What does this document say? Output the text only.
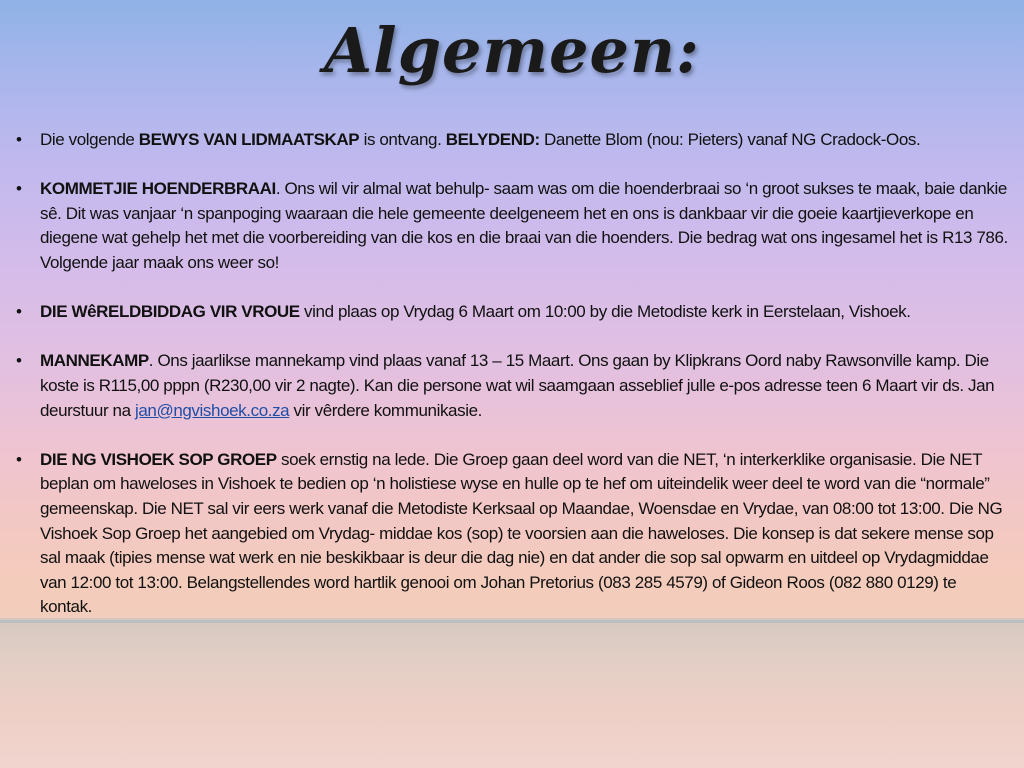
Algemeen:
• Die volgende BEWYS VAN LIDMAATSKAP is ontvang. BELYDEND: Danette Blom (nou: Pieters) vanaf NG Cradock-Oos.
• KOMMETJIE HOENDERBRAAI. Ons wil vir almal wat behulp- saam was om die hoenderbraai so ‘n groot sukses te maak, baie dankie sê. Dit was vanjaar ‘n spanpoging waaraan die hele gemeente deelgeneem het en ons is dankbaar vir die goeie kaartjieverkope en diegene wat gehelp het met die voorbereiding van die kos en die braai van die hoenders. Die bedrag wat ons ingesamel het is R13 786. Volgende jaar maak ons weer so!
• DIE WêRELDBIDDAG VIR VROUE vind plaas op Vrydag 6 Maart om 10:00 by die Metodiste kerk in Eerstelaan, Vishoek.
• MANNEKAMP. Ons jaarlikse mannekamp vind plaas vanaf 13 – 15 Maart. Ons gaan by Klipkrans Oord naby Rawsonville kamp. Die koste is R115,00 pppn (R230,00 vir 2 nagte). Kan die persone wat wil saamgaan asseblief julle e-pos adresse teen 6 Maart vir ds. Jan deurstuur na jan@ngvishoek.co.za vir vêrdere kommunikasie.
• DIE NG VISHOEK SOP GROEP soek ernstig na lede. Die Groep gaan deel word van die NET, ‘n interkerklike organisasie. Die NET beplan om haweloses in Vishoek te bedien op ‘n holistiese wyse en hulle op te hef om uiteindelik weer deel te word van die “normale” gemeenskap. Die NET sal vir eers werk vanaf die Metodiste Kerksaal op Maandae, Woensdae en Vrydae, van 08:00 tot 13:00. Die NG Vishoek Sop Groep het aangebied om Vrydag- middae kos (sop) te voorsien aan die haweloses. Die konsep is dat sekere mense sop sal maak (tipies mense wat werk en nie beskikbaar is deur die dag nie) en dat ander die sop sal opwarm en uitdeel op Vrydagmiddae van 12:00 tot 13:00. Belangstellendes word hartlik genooi om Johan Pretorius (083 285 4579) of Gideon Roos (082 880 0129) te kontak.
